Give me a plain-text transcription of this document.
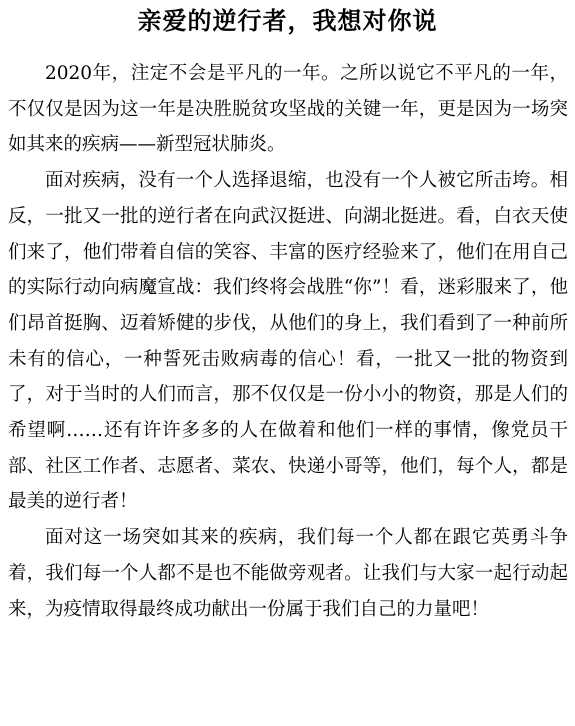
亲爱的逆行者，我想对你说

2020年，注定不会是平凡的一年。之所以说它不平凡的一年，不仅仅是因为这一年是决胜脱贫攻坚战的关键一年，更是因为一场突如其来的疾病——新型冠状肺炎。

面对疾病，没有一个人选择退缩，也没有一个人被它所击垮。相反，一批又一批的逆行者在向武汉挺进、向湖北挺进。看，白衣天使们来了，他们带着自信的笑容、丰富的医疗经验来了，他们在用自己的实际行动向病魔宣战：我们终将会战胜“你”！看，迷彩服来了，他们昂首挺胸、迈着矫健的步伐，从他们的身上，我们看到了一种前所未有的信心，一种誓死击败病毒的信心！看，一批又一批的物资到了，对于当时的人们而言，那不仅仅是一份小小的物资，那是人们的希望啊……还有许许多多的人在做着和他们一样的事情，像党员干部、社区工作者、志愿者、菜农、快递小哥等，他们，每个人，都是最美的逆行者！

面对这一场突如其来的疾病，我们每一个人都在跟它英勇斗争着，我们每一个人都不是也不能做旁观者。让我们与大家一起行动起来，为疫情取得最终成功献出一份属于我们自己的力量吧！
